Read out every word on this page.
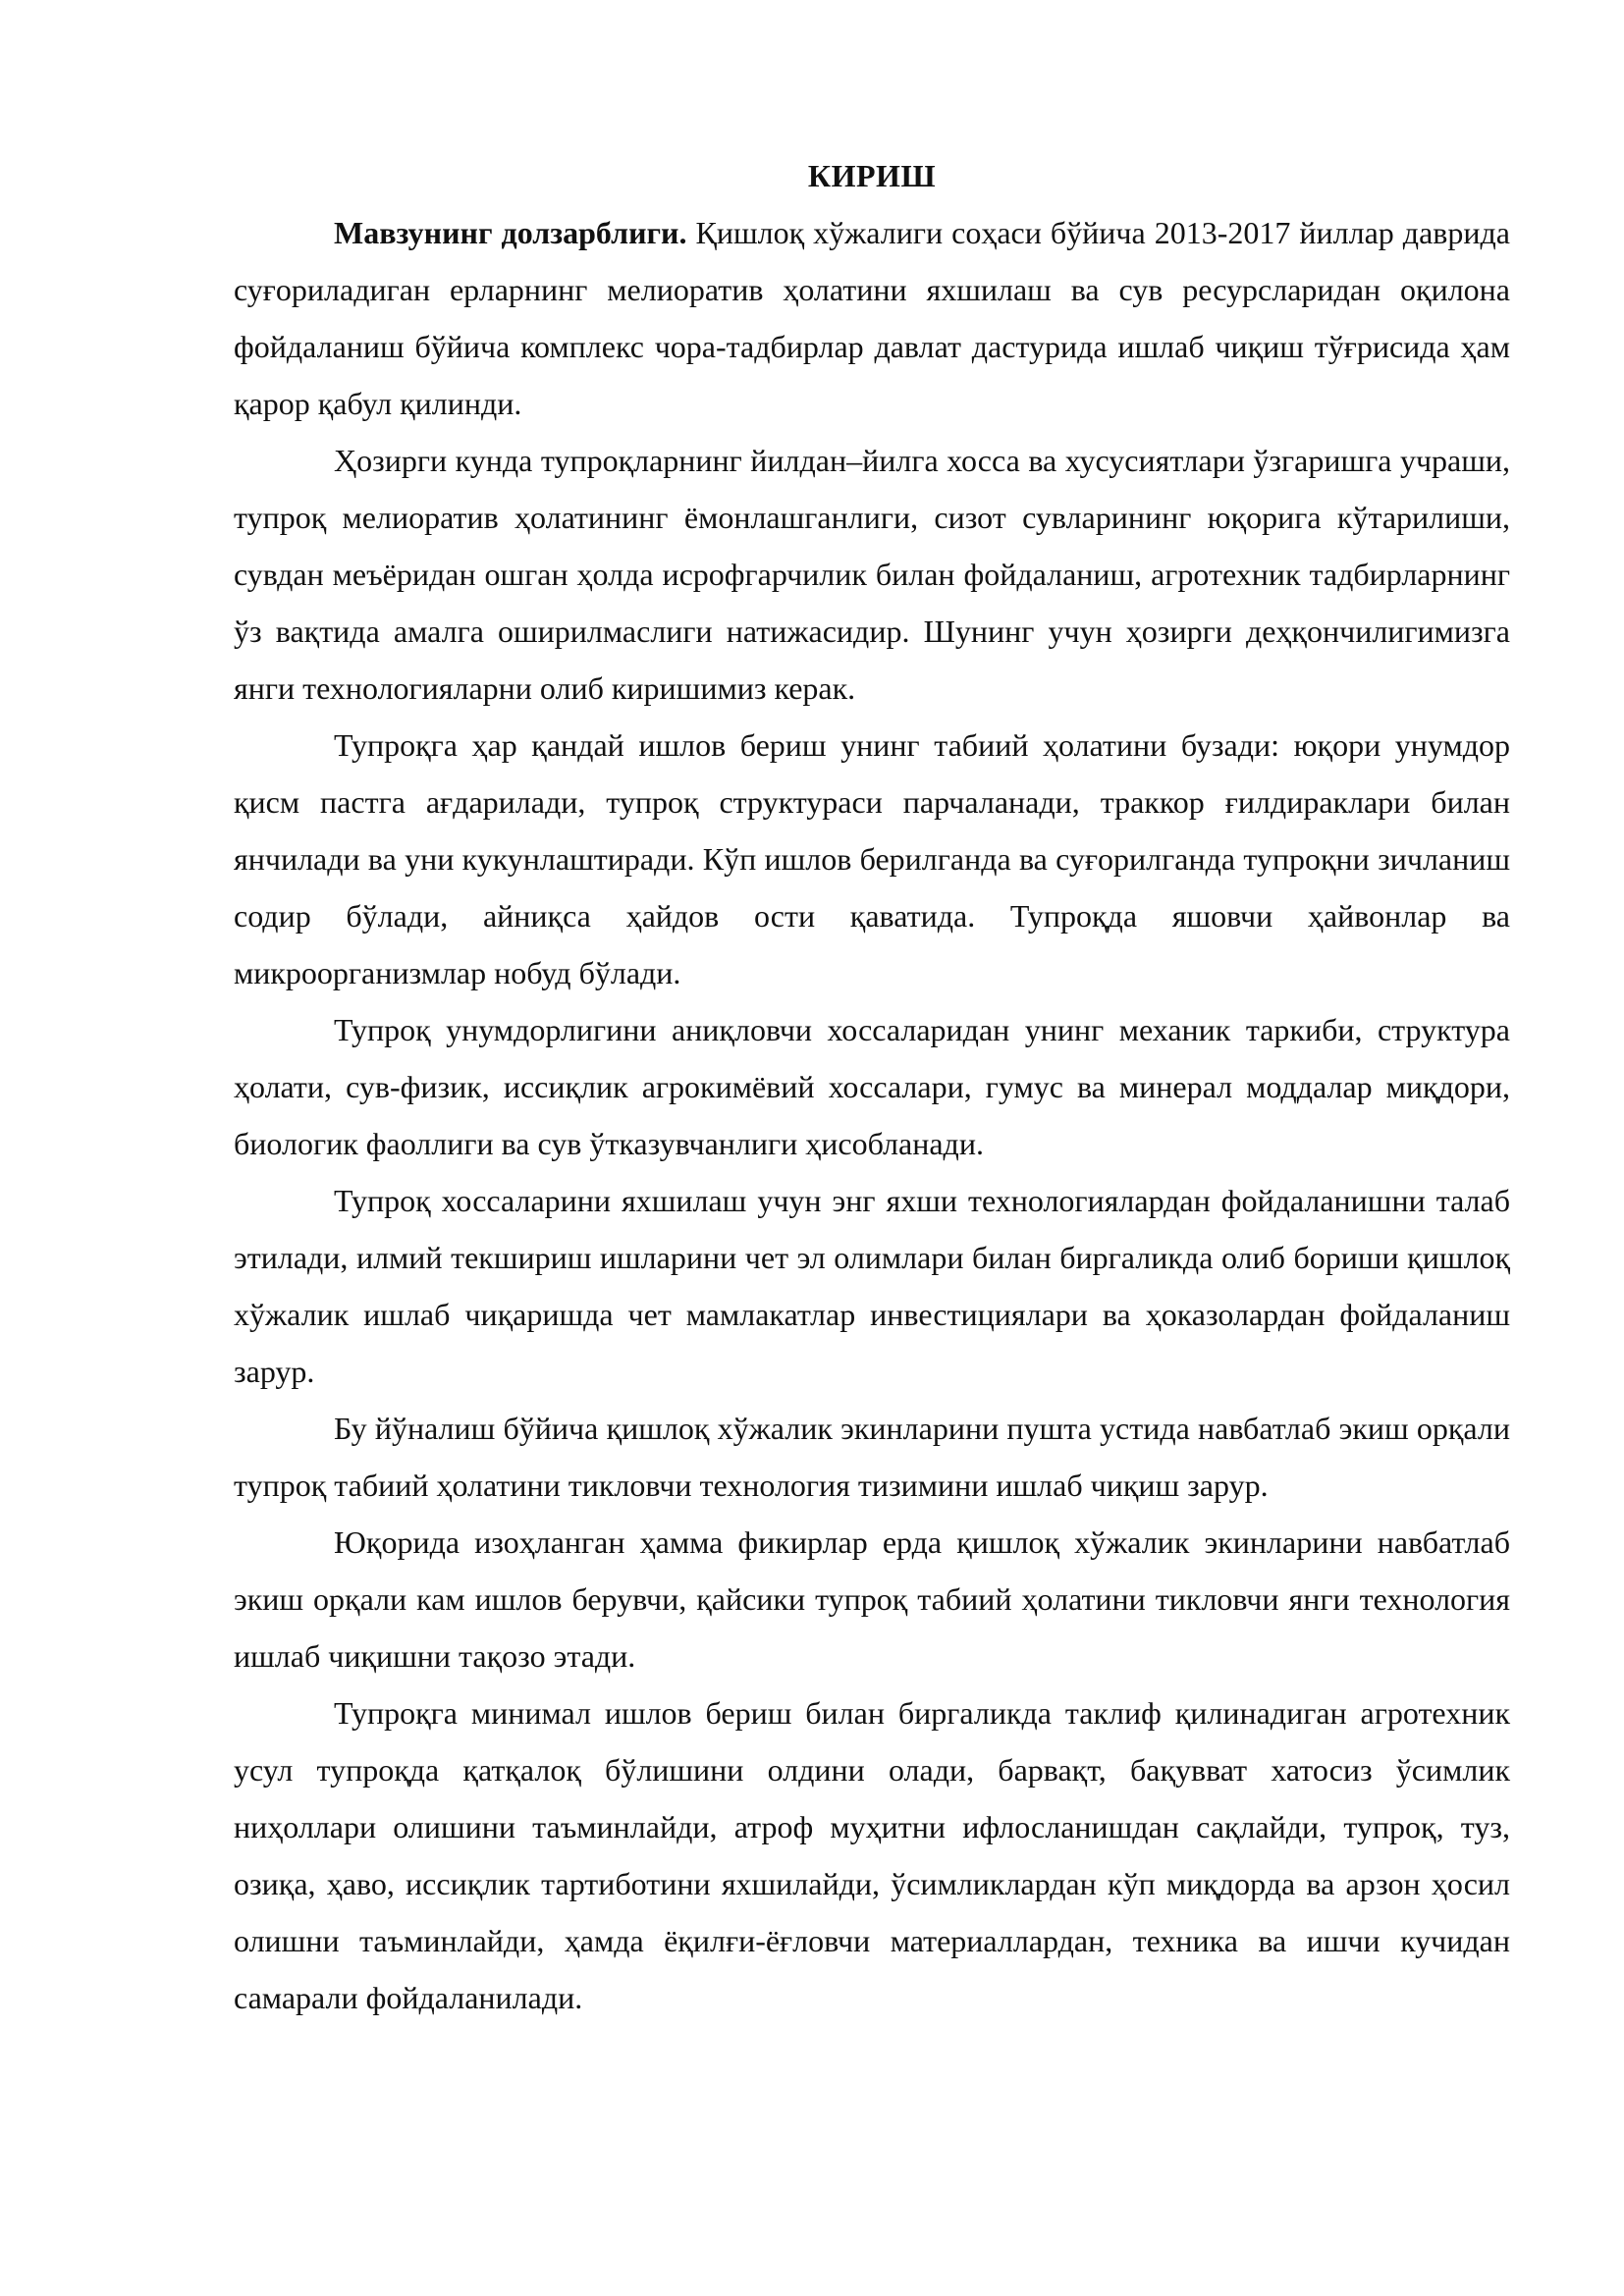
КИРИШ

Мавзунинг долзарблиги. Қишлоқ хўжалиги соҳаси бўйича 2013-2017 йиллар даврида суғориладиган ерларнинг мелиоратив ҳолатини яхшилаш ва сув ресурсларидан оқилона фойдаланиш бўйича комплекс чора-тадбирлар давлат дастурида ишлаб чиқиш тўғрисида ҳам қарор қабул қилинди.

Ҳозирги кунда тупроқларнинг йилдан–йилга хосса ва хусусиятлари ўзгаришга учраши, тупроқ мелиоратив ҳолатининг ёмонлашганлиги, сизот сувларининг юқорига кўтарилиши, сувдан меъёридан ошган ҳолда исрофгарчилик билан фойдаланиш, агротехник тадбирларнинг ўз вақтида амалга оширилмаслиги натижасидир. Шунинг учун ҳозирги деҳқончилигимизга янги технологияларни олиб киришимиз керак.

Тупроқга ҳар қандай ишлов бериш унинг табиий ҳолатини бузади: юқори унумдор қисм пастга ағдарилади, тупроқ структураси парчаланади, траккор ғилдираклари билан янчилади ва уни кукунлаштиради. Кўп ишлов берилганда ва суғорилганда тупроқни зичланиш содир бўлади, айниқса ҳайдов ости қаватида. Тупроқда яшовчи ҳайвонлар ва микроорганизмлар нобуд бўлади.

Тупроқ унумдорлигини аниқловчи хоссаларидан унинг механик таркиби, структура ҳолати, сув-физик, иссиқлик агрокимёвий хоссалари, гумус ва минерал моддалар миқдори, биологик фаоллиги ва сув ўтказувчанлиги ҳисобланади.

Тупроқ хоссаларини яхшилаш учун энг яхши технологиялардан фойдаланишни талаб этилади, илмий текшириш ишларини чет эл олимлари билан биргаликда олиб бориши қишлоқ хўжалик ишлаб чиқаришда чет мамлакатлар инвестициялари ва ҳоказолардан фойдаланиш зарур.

Бу йўналиш бўйича қишлоқ хўжалик экинларини пушта устида навбатлаб экиш орқали тупроқ табиий ҳолатини тикловчи технология тизимини ишлаб чиқиш зарур.

Юқорида изоҳланган ҳамма фикирлар ерда қишлоқ хўжалик экинларини навбатлаб экиш орқали кам ишлов берувчи, қайсики тупроқ табиий ҳолатини тикловчи янги технология ишлаб чиқишни тақозо этади.

Тупроқга минимал ишлов бериш билан биргаликда таклиф қилинадиган агротехник усул тупроқда қатқалоқ бўлишини олдини олади, барвақт, бақувват хатосиз ўсимлик ниҳоллари олишини таъминлайди, атроф муҳитни ифлосланишдан сақлайди, тупроқ, туз, озиқа, ҳаво, иссиқлик тартиботини яхшилайди, ўсимликлардан кўп миқдорда ва арзон ҳосил олишни таъминлайди, ҳамда ёқилғи-ёғловчи материаллардан, техника ва ишчи кучидан самарали фойдаланилади.
